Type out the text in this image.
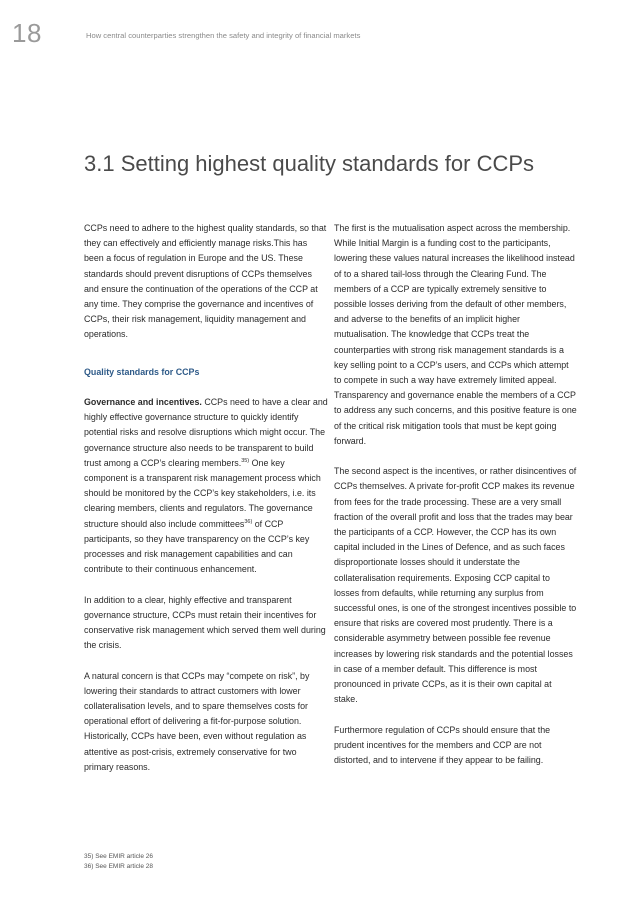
18	How central counterparties strengthen the safety and integrity of financial markets
3.1 Setting highest quality standards for CCPs

CCPs need to adhere to the highest quality standards, so that they can effectively and efficiently manage risks.This has been a focus of regulation in Europe and the US. These standards should prevent disruptions of CCPs themselves and ensure the continuation of the operations of the CCP at any time. They comprise the governance and incentives of CCPs, their risk management, liquidity management and operations.

Quality standards for CCPs

Governance and incentives. CCPs need to have a clear and highly effective governance structure to quickly identify potential risks and resolve disruptions which might occur. The governance structure also needs to be transparent to build trust among a CCP’s clearing members.$^{35)}$ One key component is a transparent risk management process which should be monitored by the CCP’s key stakeholders, i.e. its clearing members, clients and regulators. The governance structure should also include committees$^{36)}$ of CCP participants, so they have transparency on the CCP’s key processes and risk management capabilities and can contribute to their continuous enhancement.

In addition to a clear, highly effective and transparent governance structure, CCPs must retain their incentives for conservative risk management which served them well during the crisis.

A natural concern is that CCPs may “compete on risk”, by lowering their standards to attract customers with lower collateralisation levels, and to spare themselves costs for operational effort of delivering a fit-for-purpose solution. Historically, CCPs have been, even without regulation as attentive as post-crisis, extremely conservative for two primary reasons.

The first is the mutualisation aspect across the membership. While Initial Margin is a funding cost to the participants, lowering these values natural increases the likelihood instead of to a shared tail-loss through the Clearing Fund. The members of a CCP are typically extremely sensitive to possible losses deriving from the default of other members, and adverse to the benefits of an implicit higher mutualisation. The knowledge that CCPs treat the counterparties with strong risk management standards is a key selling point to a CCP’s users, and CCPs which attempt to compete in such a way have extremely limited appeal. Transparency and governance enable the members of a CCP to address any such concerns, and this positive feature is one of the critical risk mitigation tools that must be kept going forward.

The second aspect is the incentives, or rather disincentives of CCPs themselves. A private for-profit CCP makes its revenue from fees for the trade processing. These are a very small fraction of the overall profit and loss that the trades may bear the participants of a CCP. However, the CCP has its own capital included in the Lines of Defence, and as such faces disproportionate losses should it understate the collateralisation requirements. Exposing CCP capital to losses from defaults, while returning any surplus from successful ones, is one of the strongest incentives possible to ensure that risks are covered most prudently. There is a considerable asymmetry between possible fee revenue increases by lowering risk standards and the potential losses in case of a member default. This difference is most pronounced in private CCPs, as it is their own capital at stake.

Furthermore regulation of CCPs should ensure that the prudent incentives for the members and CCP are not distorted, and to intervene if they appear to be failing.

35) See EMIR article 26
36) See EMIR article 28
